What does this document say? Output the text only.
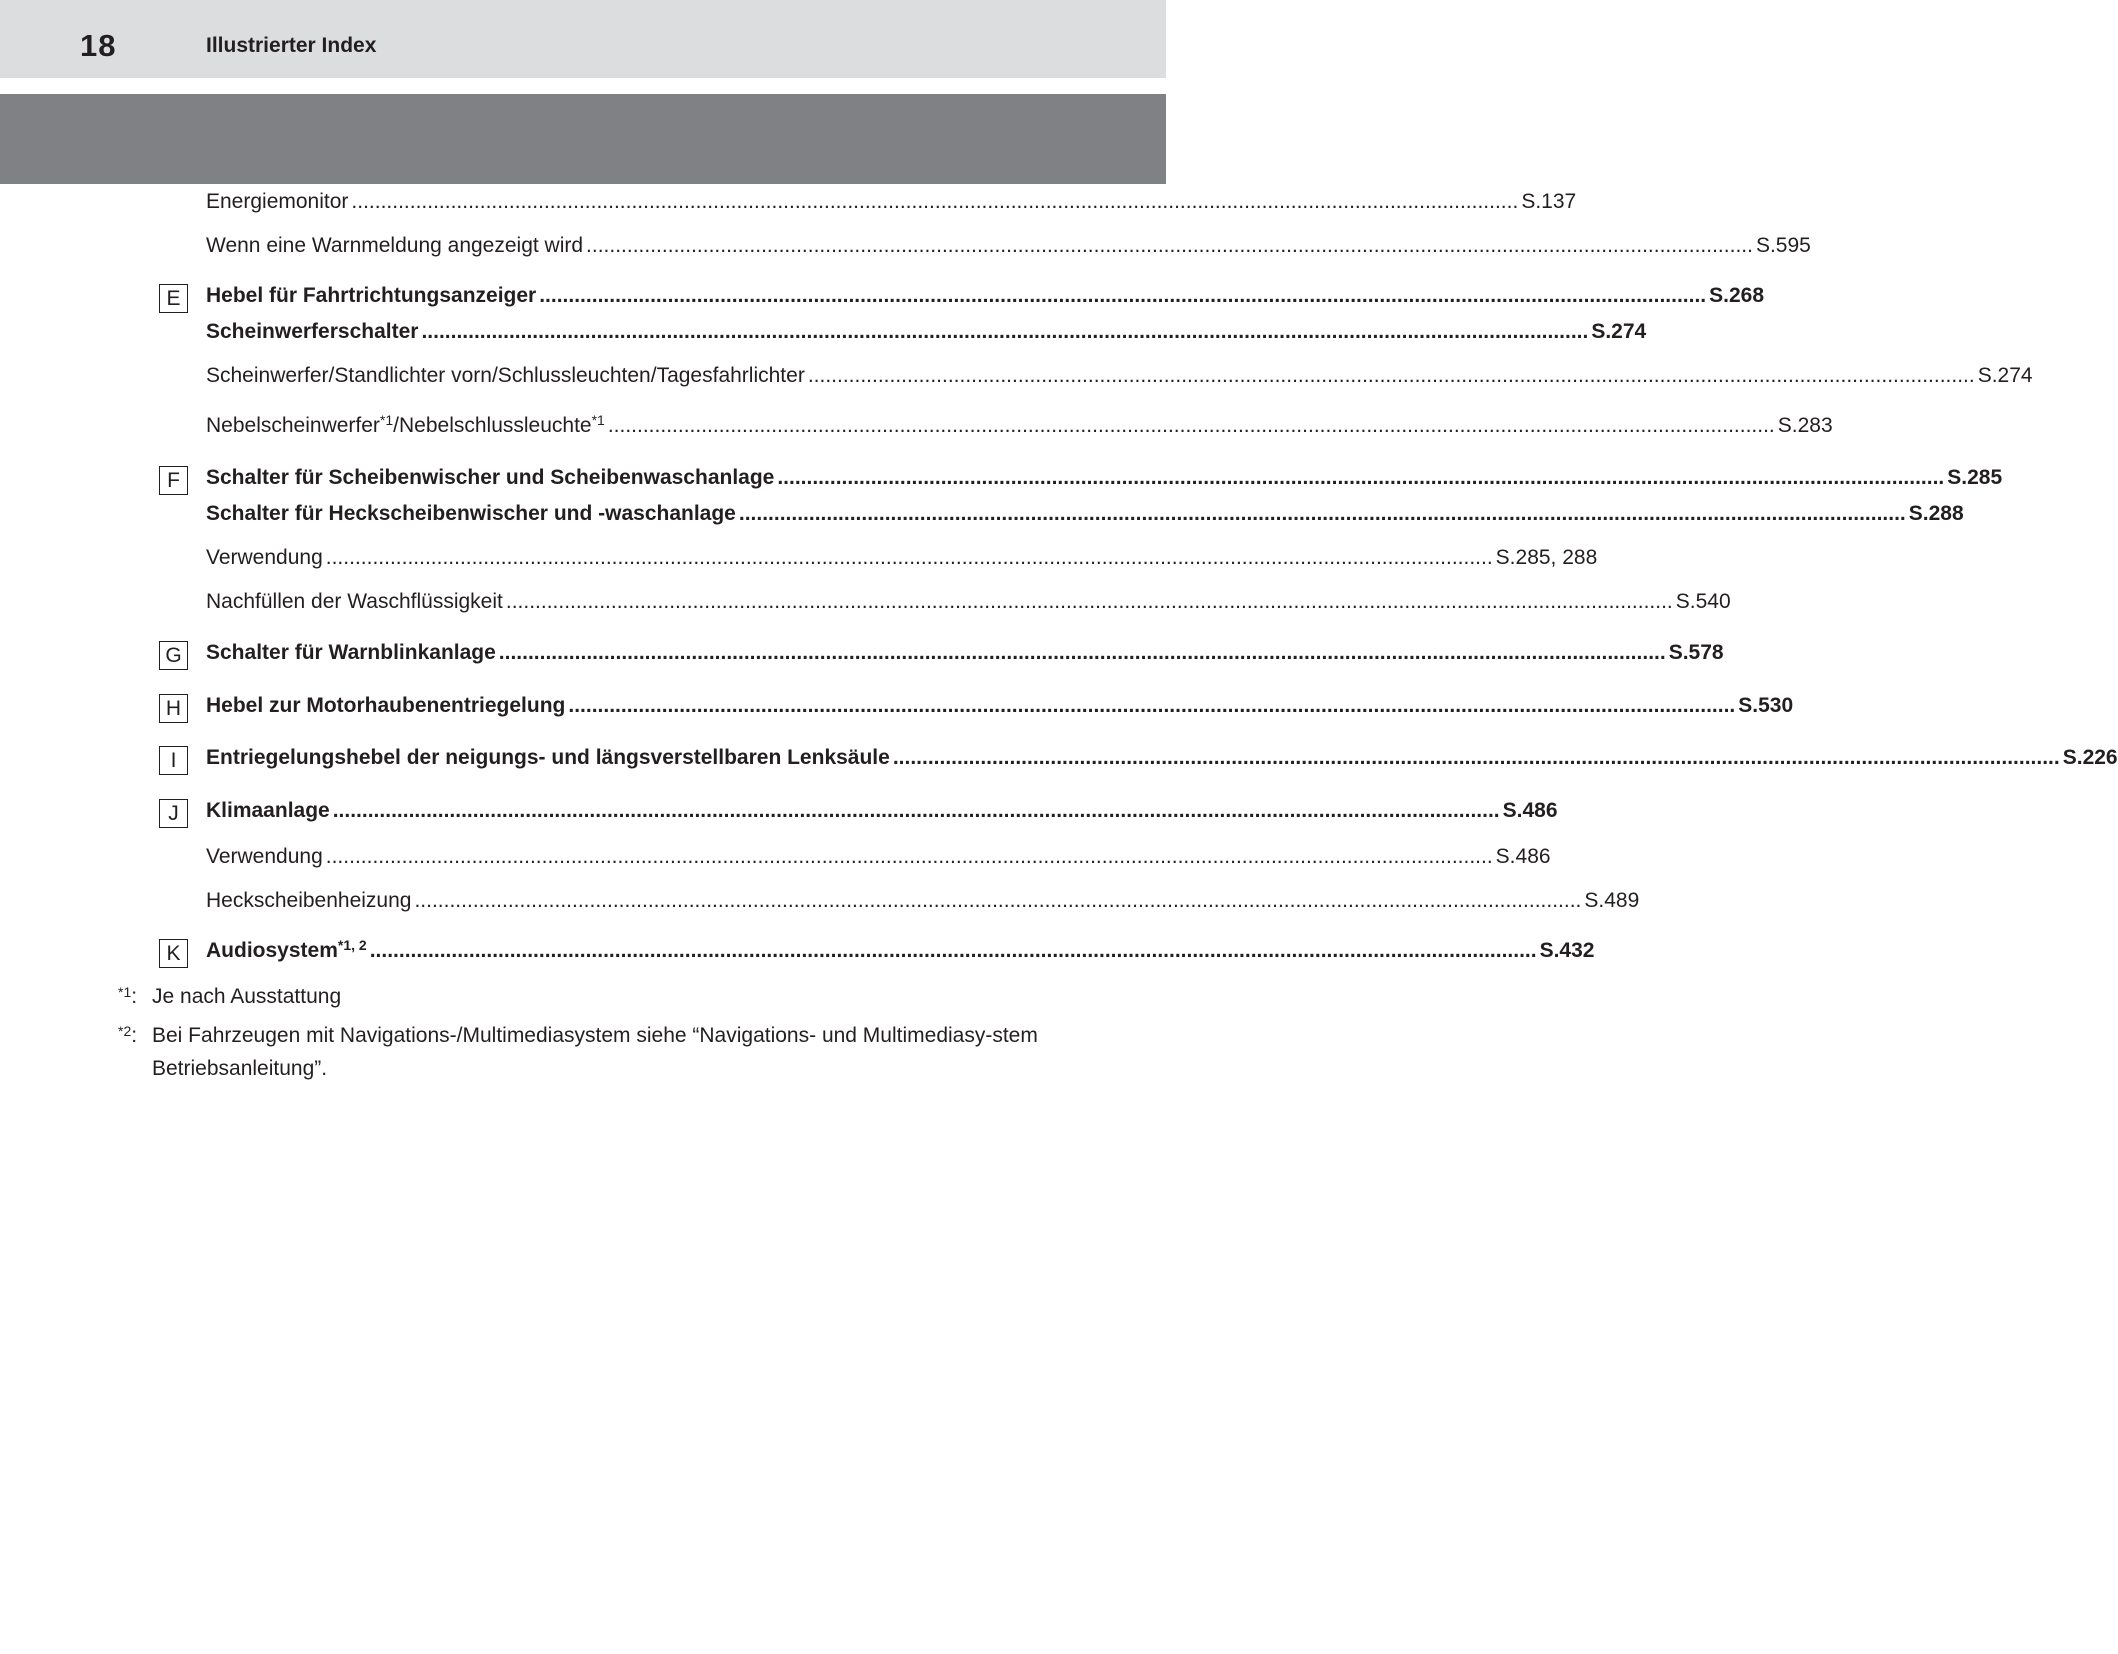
18	Illustrierter Index
Energiemonitor ........................................................................................................................................................................................................ S.137
Wenn eine Warnmeldung angezeigt wird ........................................................................................................................................................................................................ S.595
E	Hebel für Fahrtrichtungsanzeiger ........................................................................................................................................................................................................ S.268
Scheinwerferschalter ........................................................................................................................................................................................................ S.274
Scheinwerfer/Standlichter vorn/Schlussleuchten/Tagesfahrlichter ........................................................................................................................................................................................................ S.274
Nebelscheinwerfer$^{*1}$/Nebelschlussleuchte$^{*1}$ ........................................................................................................................................................................................................ S.283
F	Schalter für Scheibenwischer und Scheibenwaschanlage ........................................................................................................................................................................................................ S.285
Schalter für Heckscheibenwischer und -waschanlage ........................................................................................................................................................................................................ S.288
Verwendung ........................................................................................................................................................................................................ S.285, 288
Nachfüllen der Waschflüssigkeit ........................................................................................................................................................................................................ S.540
G	Schalter für Warnblinkanlage ........................................................................................................................................................................................................ S.578
H	Hebel zur Motorhaubenentriegelung ........................................................................................................................................................................................................ S.530
I	Entriegelungshebel der neigungs- und längsverstellbaren Lenksäule ........................................................................................................................................................................................................ S.226
J	Klimaanlage ........................................................................................................................................................................................................ S.486
Verwendung ........................................................................................................................................................................................................ S.486
Heckscheibenheizung ........................................................................................................................................................................................................ S.489
K	Audiosystem$^{*1, 2}$ ........................................................................................................................................................................................................ S.432
$^{*1}$: Je nach Ausstattung
$^{*2}$: Bei Fahrzeugen mit Navigations-/Multimediasystem siehe “Navigations- und Multimediasy-stem Betriebsanleitung”.
